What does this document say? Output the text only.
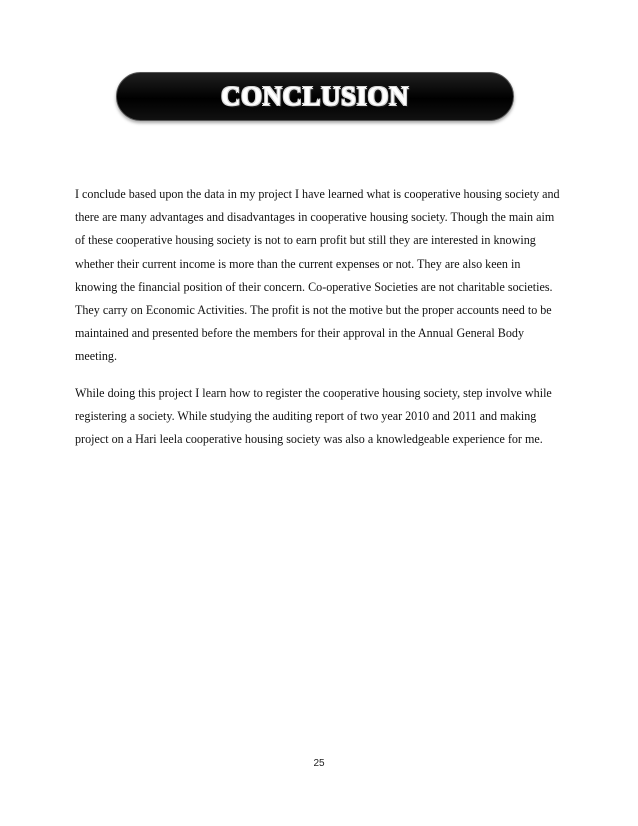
CONCLUSION

I conclude based upon the data in my project I have learned what is cooperative housing society and there are many advantages and disadvantages in cooperative housing society. Though the main aim of these cooperative housing society is not to earn profit but still they are interested in knowing whether their current income is more than the current expenses or not. They are also keen in knowing the financial position of their concern. Co-operative Societies are not charitable societies. They carry on Economic Activities. The profit is not the motive but the proper accounts need to be maintained and presented before the members for their approval in the Annual General Body meeting.

While doing this project I learn how to register the cooperative housing society, step involve while registering a society. While studying the auditing report of two year 2010 and 2011 and making project on a Hari leela cooperative housing society was also a knowledgeable experience for me.

25
